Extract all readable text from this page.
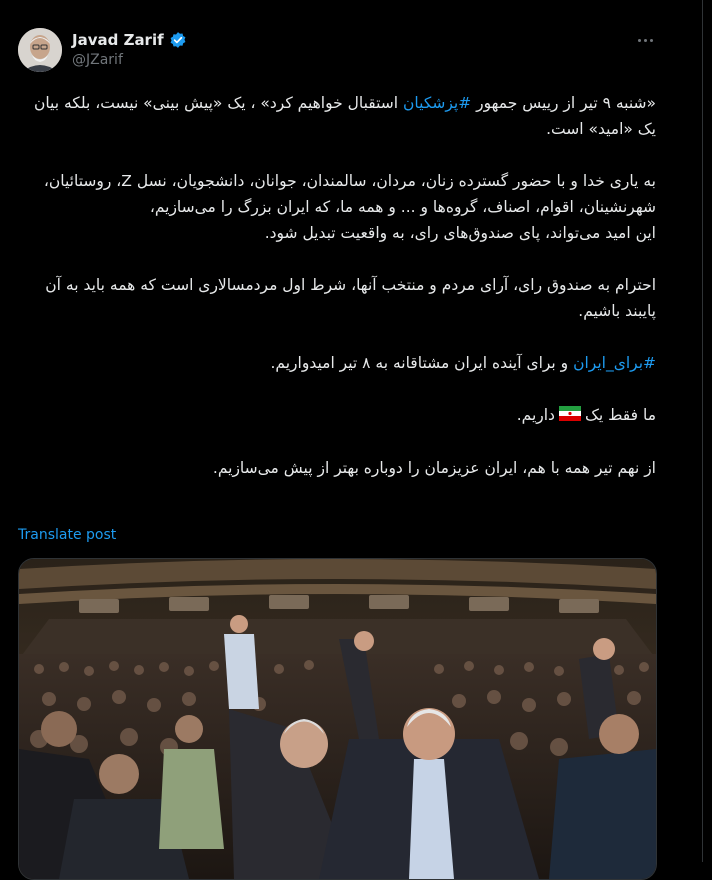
Javad Zarif
@JZarif

«شنبه ۹ تیر از رییس جمهور #پزشکیان استقبال خواهیم کرد» ، یک «پیش بینی» نیست، بلکه بیان یک «امید» است.

به یاری خدا و با حضور گسترده زنان، مردان، سالمندان، جوانان، دانشجویان، نسل Z، روستائیان، شهرنشینان، اقوام، اصناف، گروه‌ها و ... و همه ما، که ایران بزرگ را می‌سازیم،

این امید می‌تواند، پای صندوق‌های رای، به واقعیت تبدیل شود.

احترام به صندوق رای، آرای مردم و منتخب آنها، شرط اول مردمسالاری است که همه باید به آن پایبند باشیم.

#برای_ایران و برای آینده ایران مشتاقانه به ۸ تیر امیدواریم.

ما فقط یکداریم.

از نهم تیر همه با هم، ایران عزیزمان را دوباره بهتر از پیش می‌سازیم.

Translate post
